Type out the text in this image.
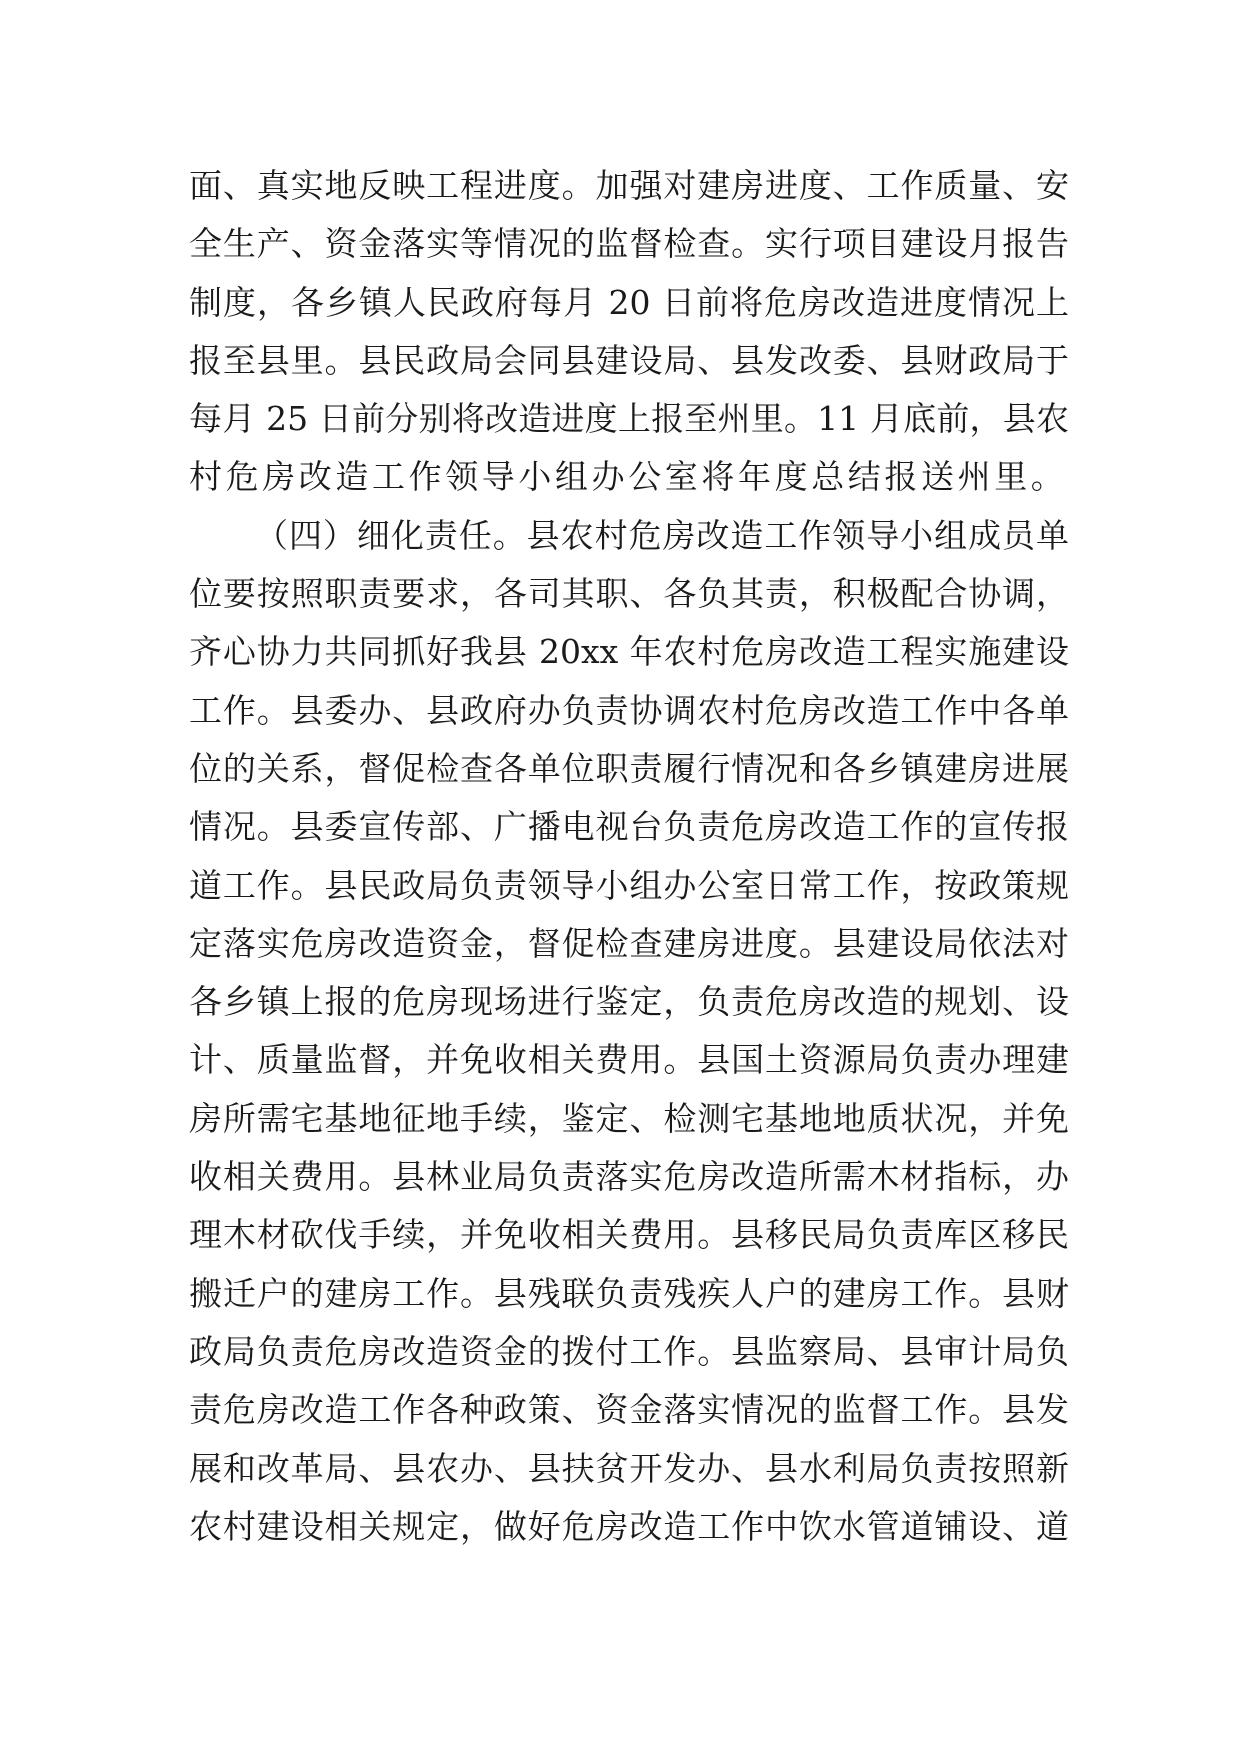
面、真实地反映工程进度。加强对建房进度、工作质量、安
全生产、资金落实等情况的监督检查。实行项目建设月报告
制度，各乡镇人民政府每月 20 日前将危房改造进度情况上
报至县里。县民政局会同县建设局、县发改委、县财政局于
每月 25 日前分别将改造进度上报至州里。11 月底前，县农
村危房改造工作领导小组办公室将年度总结报送州里。
（四）细化责任。县农村危房改造工作领导小组成员单
位要按照职责要求，各司其职、各负其责，积极配合协调，
齐心协力共同抓好我县 20xx 年农村危房改造工程实施建设
工作。县委办、县政府办负责协调农村危房改造工作中各单
位的关系，督促检查各单位职责履行情况和各乡镇建房进展
情况。县委宣传部、广播电视台负责危房改造工作的宣传报
道工作。县民政局负责领导小组办公室日常工作，按政策规
定落实危房改造资金，督促检查建房进度。县建设局依法对
各乡镇上报的危房现场进行鉴定，负责危房改造的规划、设
计、质量监督，并免收相关费用。县国土资源局负责办理建
房所需宅基地征地手续，鉴定、检测宅基地地质状况，并免
收相关费用。县林业局负责落实危房改造所需木材指标，办
理木材砍伐手续，并免收相关费用。县移民局负责库区移民
搬迁户的建房工作。县残联负责残疾人户的建房工作。县财
政局负责危房改造资金的拨付工作。县监察局、县审计局负
责危房改造工作各种政策、资金落实情况的监督工作。县发
展和改革局、县农办、县扶贫开发办、县水利局负责按照新
农村建设相关规定，做好危房改造工作中饮水管道铺设、道
